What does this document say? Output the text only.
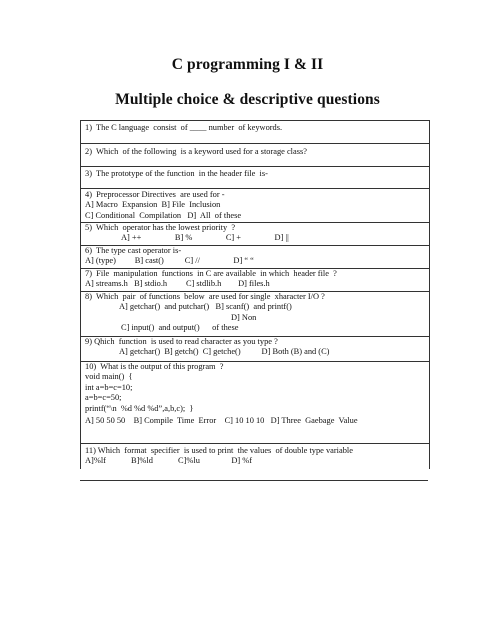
C programming I & II
Multiple choice & descriptive questions
1)  The C language  consist  of ____ number  of keywords.
2)  Which  of the following  is a keyword used for a storage class?
3)  The prototype of the function  in the header file  is-
4)  Preprocessor Directives  are used for -
A] Macro  Expansion  B] File  Inclusion
C] Conditional  Compilation   D]  All  of these
5)  Which  operator has the lowest priority  ?
A] ++                B] %                C] +                D] ||
6)  The type cast operator is-
A] (type)         B] cast()          C] //                D] “ “
7)  File  manipulation  functions  in C are available  in which  header file  ?
A] streams.h   B] stdio.h         C] stdlib.h        D] files.h
8)  Which  pair  of functions  below  are used for single  xharacter I/O ?
A] getchar()  and putchar()   B] scanf()  and printf()
D] Non
C] input()  and output()      of these
9) Qhich  function  is used to read character as you type ?
A] getchar()  B] getch()  C] getche()          D] Both (B) and (C)
10)  What is the output of this program  ?
void main()  {
int a=b=c=10;
a=b=c=50;
printf(“\n  %d %d %d”,a,b,c);  }
A] 50 50 50    B] Compile  Time  Error    C] 10 10 10   D] Three  Gaebage  Value
11) Which  format  specifier  is used to print  the values  of double type variable
A]%lf            B]%ld            C]%lu               D] %f
